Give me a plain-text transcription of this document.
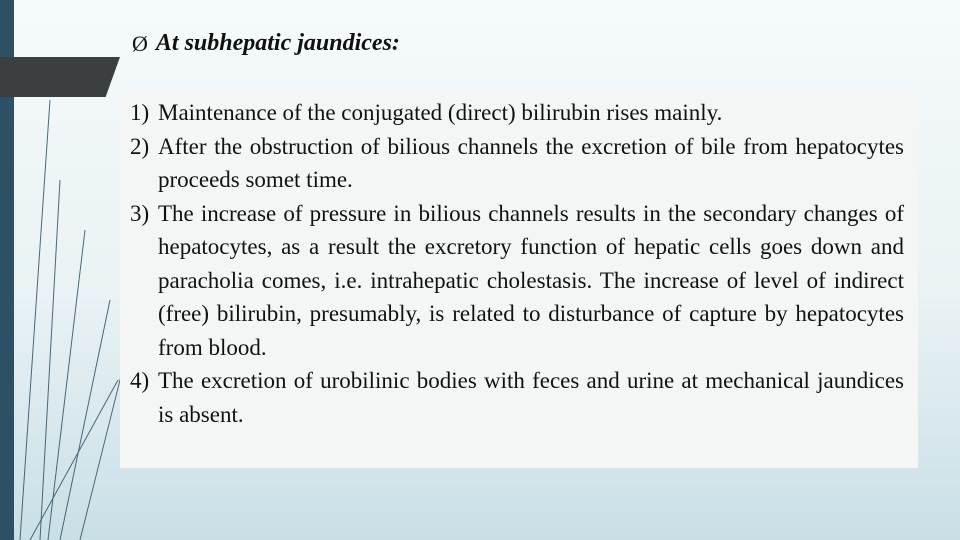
Ø At subhepatic jaundices:
1) Maintenance of the conjugated (direct) bilirubin rises mainly.
2) After the obstruction of bilious channels the excretion of bile from hepatocytes proceeds somet time.
3) The increase of pressure in bilious channels results in the secondary changes of hepatocytes, as a result the excretory function of hepatic cells goes down and paracholia comes, i.e. intrahepatic cholestasis. The increase of level of indirect (free) bilirubin, presumably, is related to disturbance of capture by hepatocytes from blood.
4) The excretion of urobilinic bodies with feces and urine at mechanical jaundices is absent.
